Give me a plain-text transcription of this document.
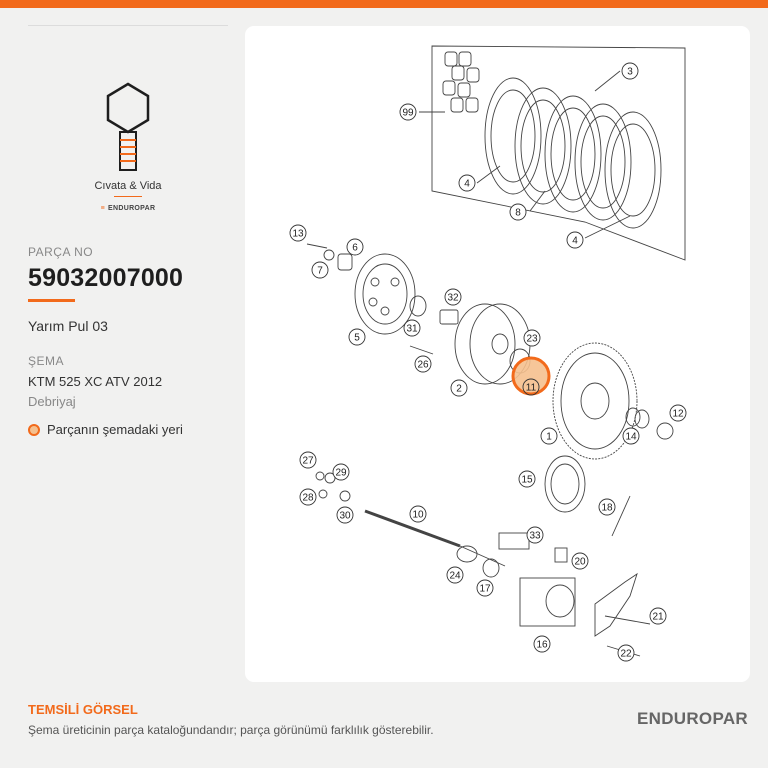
Cıvata & Vida
≡ ENDUROPAR
PARÇA NO
59032007000
Yarım Pul 03
ŞEMA
KTM 525 XC ATV 2012
Debriyaj
Parçanın şemadaki yeri
99
3
4
8
4
13
6
7
5
32
31
26
2
23
11
1	14
12
27
29
28
30	10
15
18
33
20
24
17
21
16
22
TEMSİLİ GÖRSEL
Şema üreticinin parça kataloğundandır; parça görünümü farklılık gösterebilir.
ENDUROPAR
